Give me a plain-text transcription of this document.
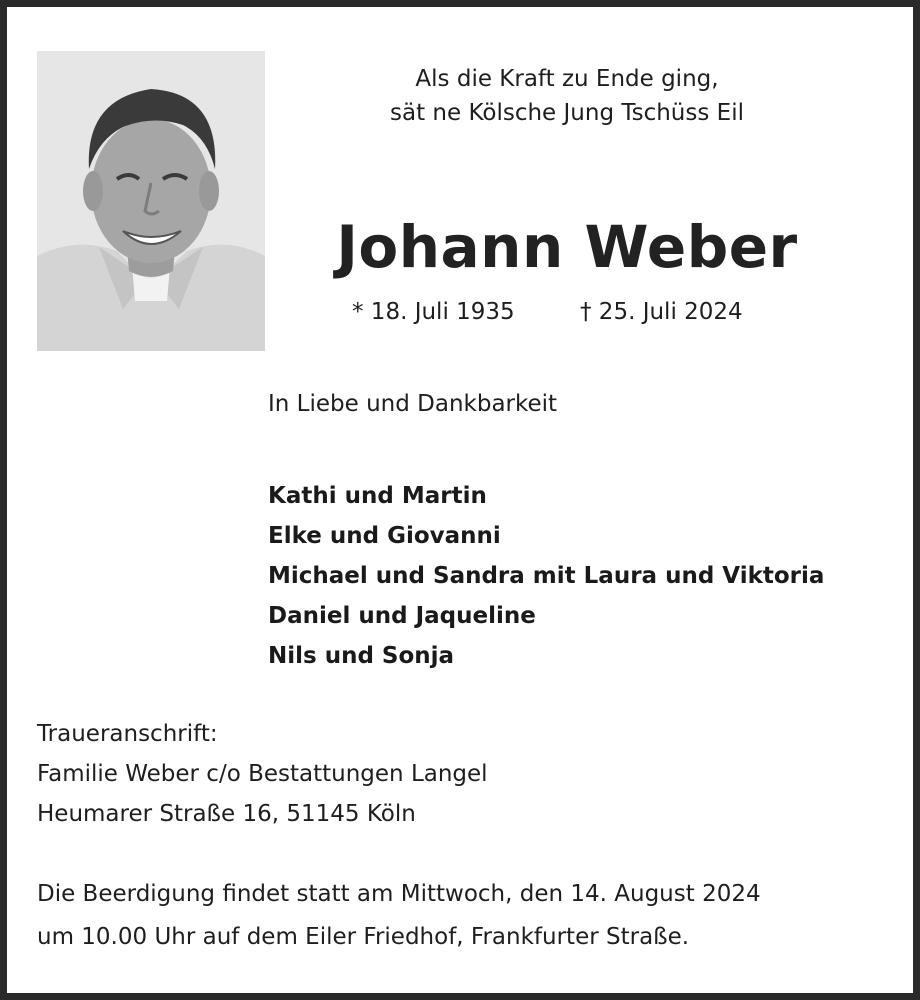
Als die Kraft zu Ende ging,
sät ne Kölsche Jung Tschüss Eil
Johann Weber
* 18. Juli 1935	† 25. Juli 2024
In Liebe und Dankbarkeit
Kathi und Martin
Elke und Giovanni
Michael und Sandra mit Laura und Viktoria
Daniel und Jaqueline
Nils und Sonja
Traueranschrift:
Familie Weber c/o Bestattungen Langel
Heumarer Straße 16, 51145 Köln
Die Beerdigung findet statt am Mittwoch, den 14. August 2024
um 10.00 Uhr auf dem Eiler Friedhof, Frankfurter Straße.
